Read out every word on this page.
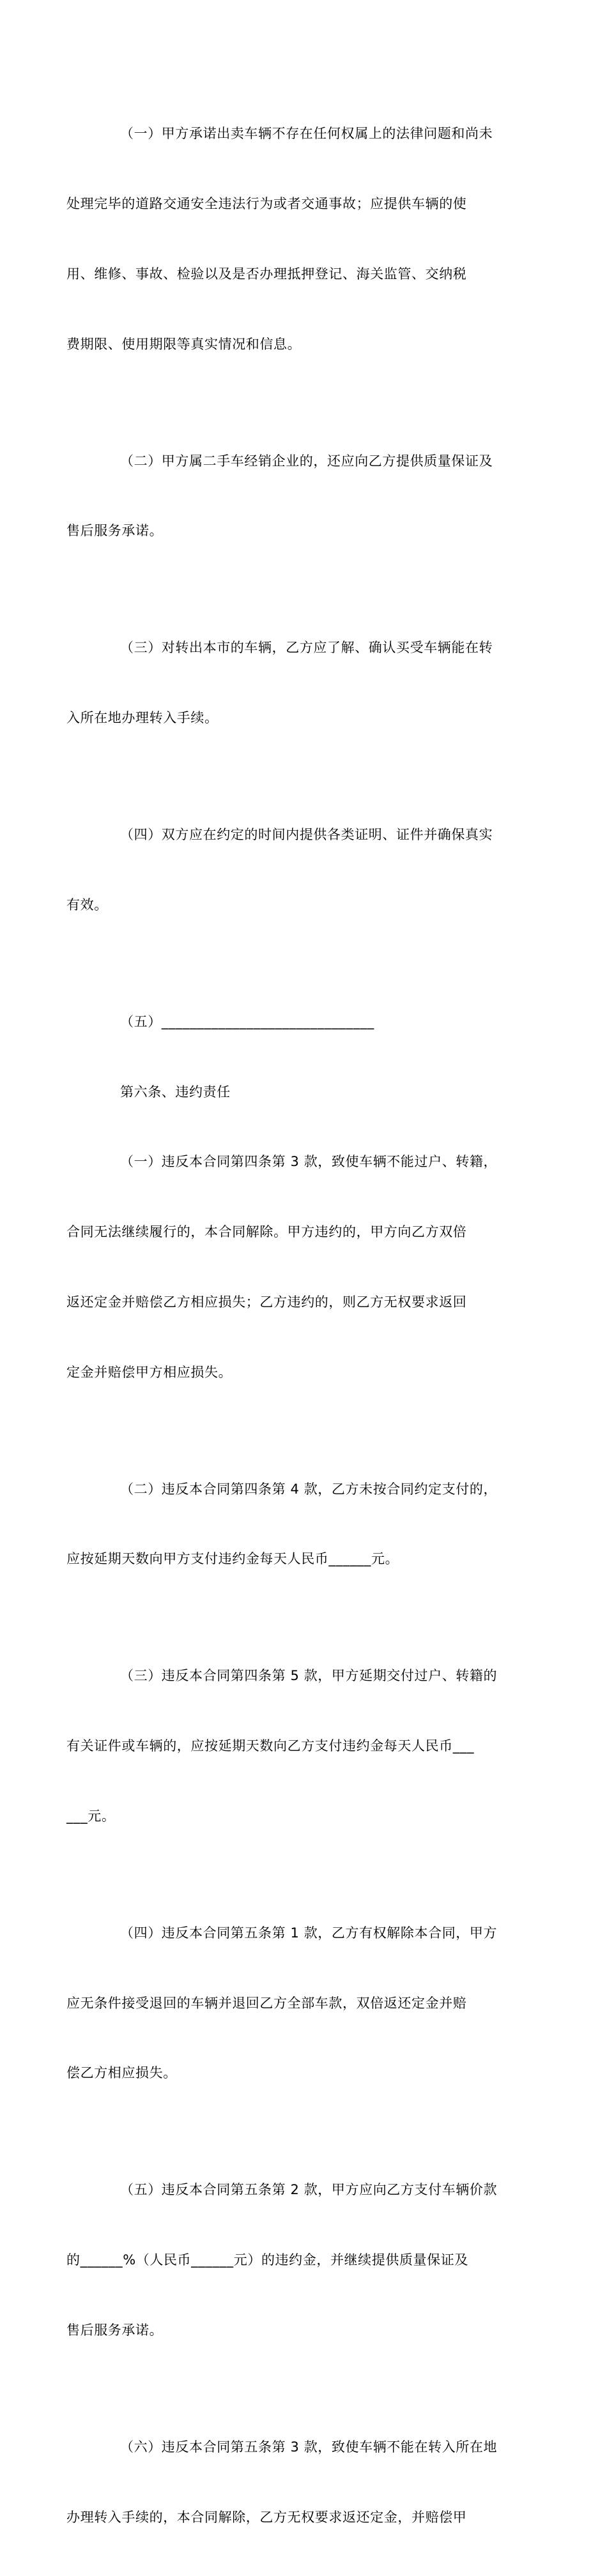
（一）甲方承诺出卖车辆不存在任何权属上的法律问题和尚未

处理完毕的道路交通安全违法行为或者交通事故；应提供车辆的使

用、维修、事故、检验以及是否办理抵押登记、海关监管、交纳税

费期限、使用期限等真实情况和信息。

（二）甲方属二手车经销企业的，还应向乙方提供质量保证及

售后服务承诺。

（三）对转出本市的车辆，乙方应了解、确认买受车辆能在转

入所在地办理转入手续。

（四）双方应在约定的时间内提供各类证明、证件并确保真实

有效。

（五）______________________________

第六条、违约责任

（一）违反本合同第四条第 3 款，致使车辆不能过户、转籍，

合同无法继续履行的，本合同解除。甲方违约的，甲方向乙方双倍

返还定金并赔偿乙方相应损失；乙方违约的，则乙方无权要求返回

定金并赔偿甲方相应损失。

（二）违反本合同第四条第 4 款，乙方未按合同约定支付的，

应按延期天数向甲方支付违约金每天人民币______元。

（三）违反本合同第四条第 5 款，甲方延期交付过户、转籍的

有关证件或车辆的，应按延期天数向乙方支付违约金每天人民币___

___元。

（四）违反本合同第五条第 1 款，乙方有权解除本合同，甲方

应无条件接受退回的车辆并退回乙方全部车款，双倍返还定金并赔

偿乙方相应损失。

（五）违反本合同第五条第 2 款，甲方应向乙方支付车辆价款

的______%（人民币______元）的违约金，并继续提供质量保证及

售后服务承诺。

（六）违反本合同第五条第 3 款，致使车辆不能在转入所在地

办理转入手续的，本合同解除，乙方无权要求返还定金，并赔偿甲
